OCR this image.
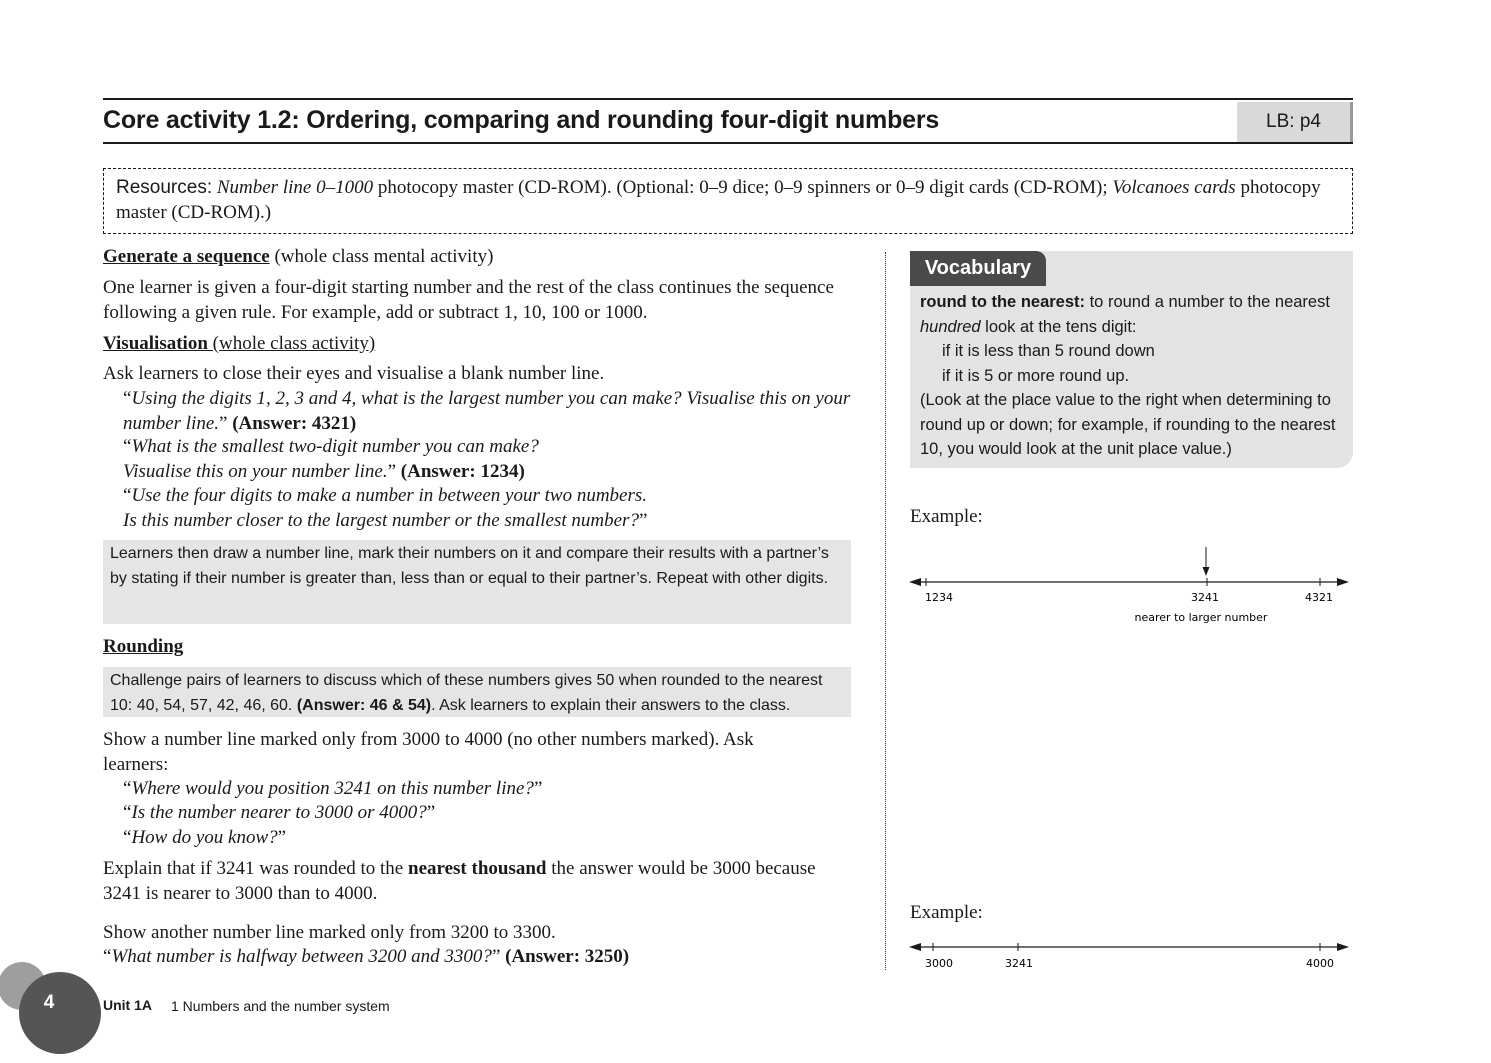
Core activity 1.2: Ordering, comparing and rounding four-digit numbers	LB: p4
Resources: Number line 0–1000 photocopy master (CD-ROM). (Optional: 0–9 dice; 0–9 spinners or 0–9 digit cards (CD-ROM); Volcanoes cards photocopy master (CD-ROM).)
Generate a sequence (whole class mental activity)
One learner is given a four-digit starting number and the rest of the class continues the sequence following a given rule. For example, add or subtract 1, 10, 100 or 1000.
Visualisation (whole class activity)
Ask learners to close their eyes and visualise a blank number line.
“Using the digits 1, 2, 3 and 4, what is the largest number you can make? Visualise this on your number line.” (Answer: 4321)
“What is the smallest two-digit number you can make?
Visualise this on your number line.” (Answer: 1234)
“Use the four digits to make a number in between your two numbers.
Is this number closer to the largest number or the smallest number?”
Learners then draw a number line, mark their numbers on it and compare their results with a partner’s by stating if their number is greater than, less than or equal to their partner’s. Repeat with other digits.
Rounding
Challenge pairs of learners to discuss which of these numbers gives 50 when rounded to the nearest 10: 40, 54, 57, 42, 46, 60. (Answer: 46 & 54). Ask learners to explain their answers to the class.
Show a number line marked only from 3000 to 4000 (no other numbers marked). Ask learners:
“Where would you position 3241 on this number line?”
“Is the number nearer to 3000 or 4000?”
“How do you know?”
Explain that if 3241 was rounded to the nearest thousand the answer would be 3000 because 3241 is nearer to 3000 than to 4000.
Show another number line marked only from 3200 to 3300.
“What number is halfway between 3200 and 3300?” (Answer: 3250)
Vocabulary
round to the nearest: to round a number to the nearest hundred look at the tens digit:
if it is less than 5 round down
if it is 5 or more round up.
(Look at the place value to the right when determining to round up or down; for example, if rounding to the nearest 10, you would look at the unit place value.)
Example:
1234	3241	4321
nearer to larger number
Example:
3000	3241	4000
4	Unit 1A 1 Numbers and the number system
